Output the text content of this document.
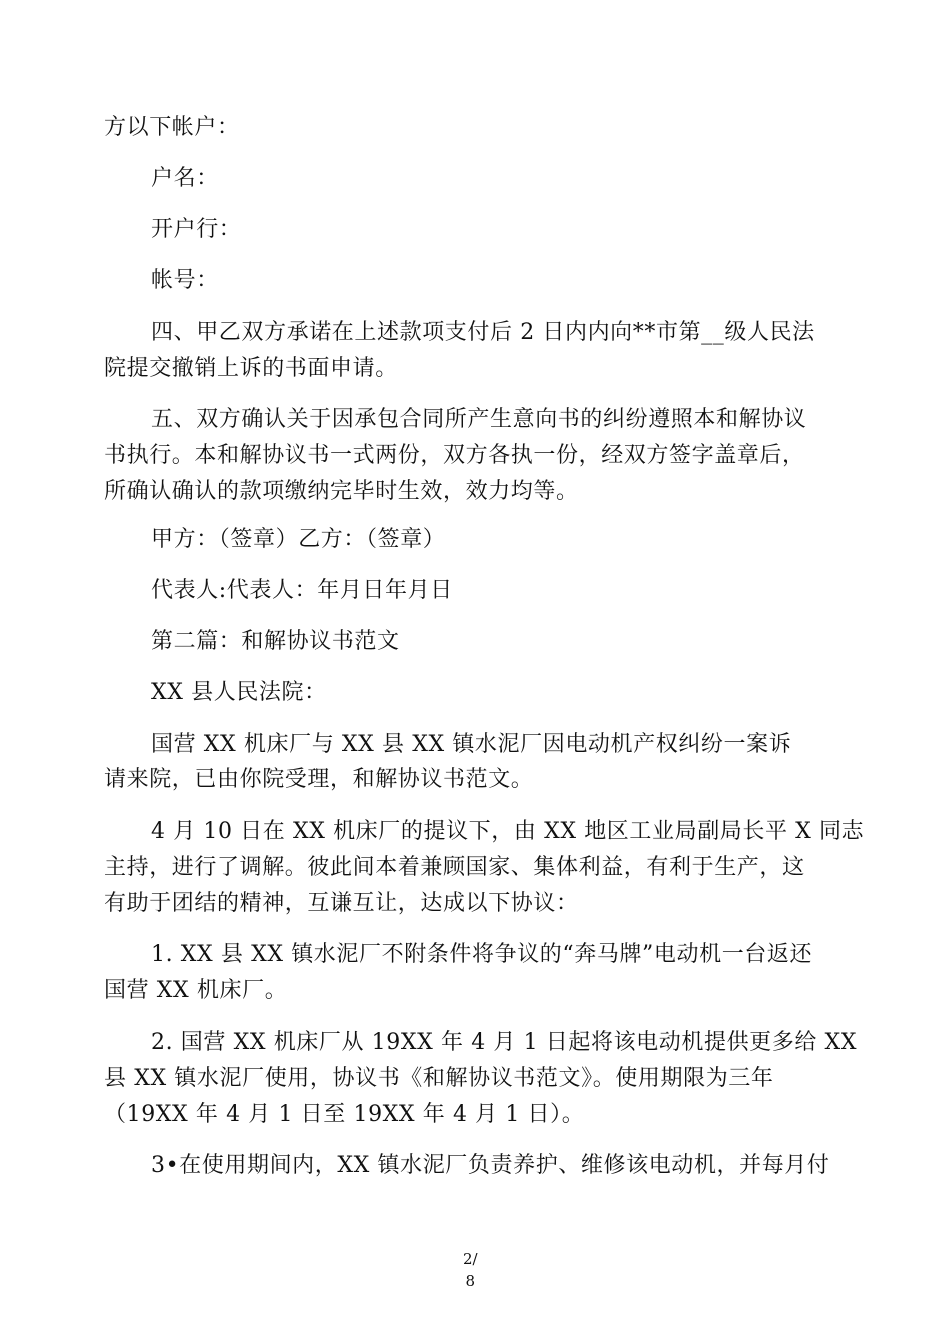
方以下帐户：
户名：
开户行：
帐号：
四、甲乙双方承诺在上述款项支付后 2 日内内向**市第__级人民法
院提交撤销上诉的书面申请。
五、双方确认关于因承包合同所产生意向书的纠纷遵照本和解协议
书执行。本和解协议书一式两份，双方各执一份，经双方签字盖章后，
所确认确认的款项缴纳完毕时生效，效力均等。
甲方：（签章）乙方：（签章）
代表人:代表人：年月日年月日
第二篇：和解协议书范文
XX 县人民法院：
国营 XX 机床厂与 XX 县 XX 镇水泥厂因电动机产权纠纷一案诉
请来院，已由你院受理，和解协议书范文。
4 月 10 日在 XX 机床厂的提议下，由 XX 地区工业局副局长平 X 同志
主持，进行了调解。彼此间本着兼顾国家、集体利益，有利于生产，这
有助于团结的精神，互谦互让，达成以下协议：
1. XX 县 XX 镇水泥厂不附条件将争议的“奔马牌”电动机一台返还
国营 XX 机床厂。
2. 国营 XX 机床厂从 19XX 年 4 月 1 日起将该电动机提供更多给 XX
县 XX 镇水泥厂使用，协议书《和解协议书范文》。使用期限为三年
（19XX 年 4 月 1 日至 19XX 年 4 月 1 日）。
3•在使用期间内，XX 镇水泥厂负责养护、维修该电动机，并每月付
2/
8
